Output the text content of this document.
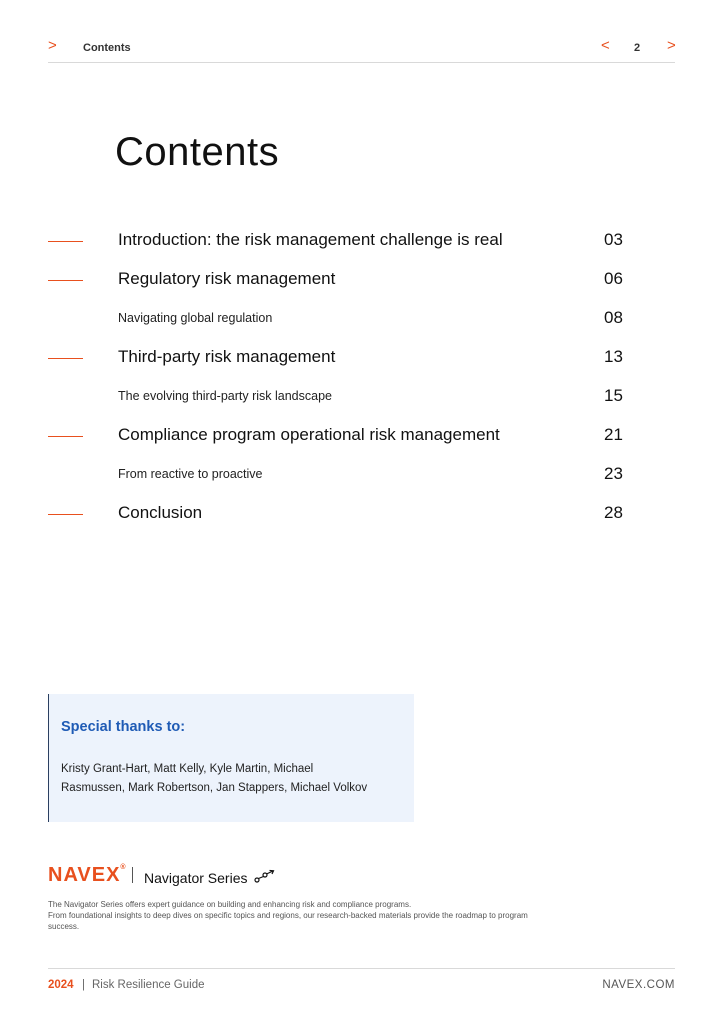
> Contents	< 2 >
Contents
Introduction: the risk management challenge is real	03
Regulatory risk management	06
Navigating global regulation	08
Third-party risk management	13
The evolving third-party risk landscape	15
Compliance program operational risk management	21
From reactive to proactive	23
Conclusion	28
Special thanks to:
Kristy Grant-Hart, Matt Kelly, Kyle Martin, Michael
Rasmussen, Mark Robertson, Jan Stappers, Michael Volkov
NAVEX®
Navigator Series
The Navigator Series offers expert guidance on building and enhancing risk and compliance programs.
From foundational insights to deep dives on specific topics and regions, our research-backed materials provide the roadmap to program success.
2024 | Risk Resilience Guide	NAVEX.COM
